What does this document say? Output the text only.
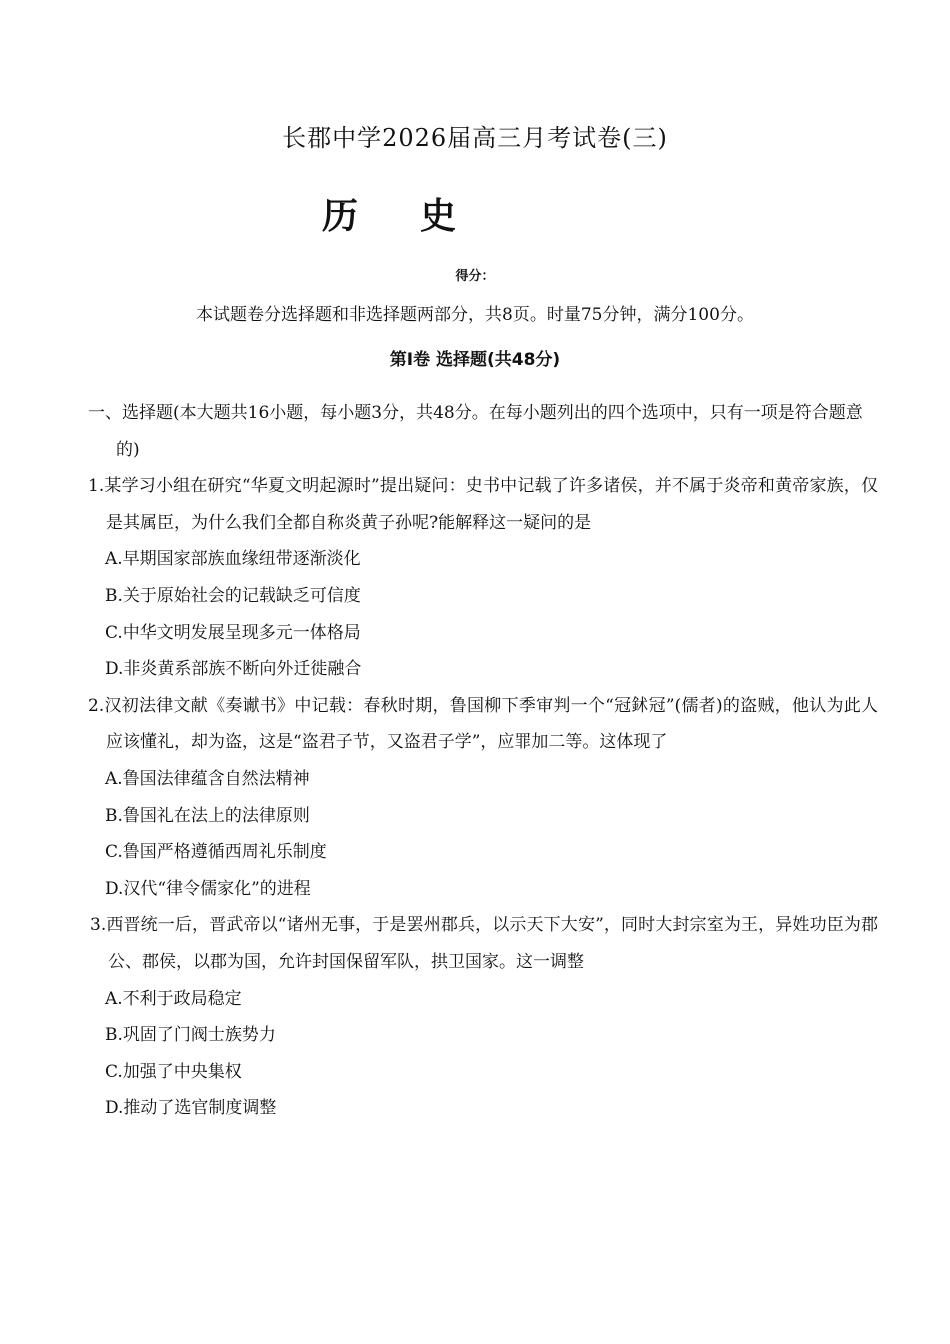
长郡中学2026届高三月考试卷(三)
历史
得分：
本试题卷分选择题和非选择题两部分，共8页。时量75分钟，满分100分。
第Ⅰ卷 选择题(共48分)
一、选择题(本大题共16小题，每小题3分，共48分。在每小题列出的四个选项中，只有一项是符合题意的)
1.某学习小组在研究“华夏文明起源时”提出疑问：史书中记载了许多诸侯，并不属于炎帝和黄帝家族，仅是其属臣，为什么我们全都自称炎黄子孙呢?能解释这一疑问的是
A.早期国家部族血缘纽带逐渐淡化
B.关于原始社会的记载缺乏可信度
C.中华文明发展呈现多元一体格局
D.非炎黄系部族不断向外迁徙融合
2.汉初法律文献《奏谳书》中记载：春秋时期，鲁国柳下季审判一个“冠鉥冠”(儒者)的盗贼，他认为此人应该懂礼，却为盗，这是“盗君子节，又盗君子学”，应罪加二等。这体现了
A.鲁国法律蕴含自然法精神
B.鲁国礼在法上的法律原则
C.鲁国严格遵循西周礼乐制度
D.汉代“律令儒家化”的进程
3.西晋统一后，晋武帝以“诸州无事，于是罢州郡兵，以示天下大安”，同时大封宗室为王，异姓功臣为郡公、郡侯，以郡为国，允许封国保留军队，拱卫国家。这一调整
A.不利于政局稳定
B.巩固了门阀士族势力
C.加强了中央集权
D.推动了选官制度调整
